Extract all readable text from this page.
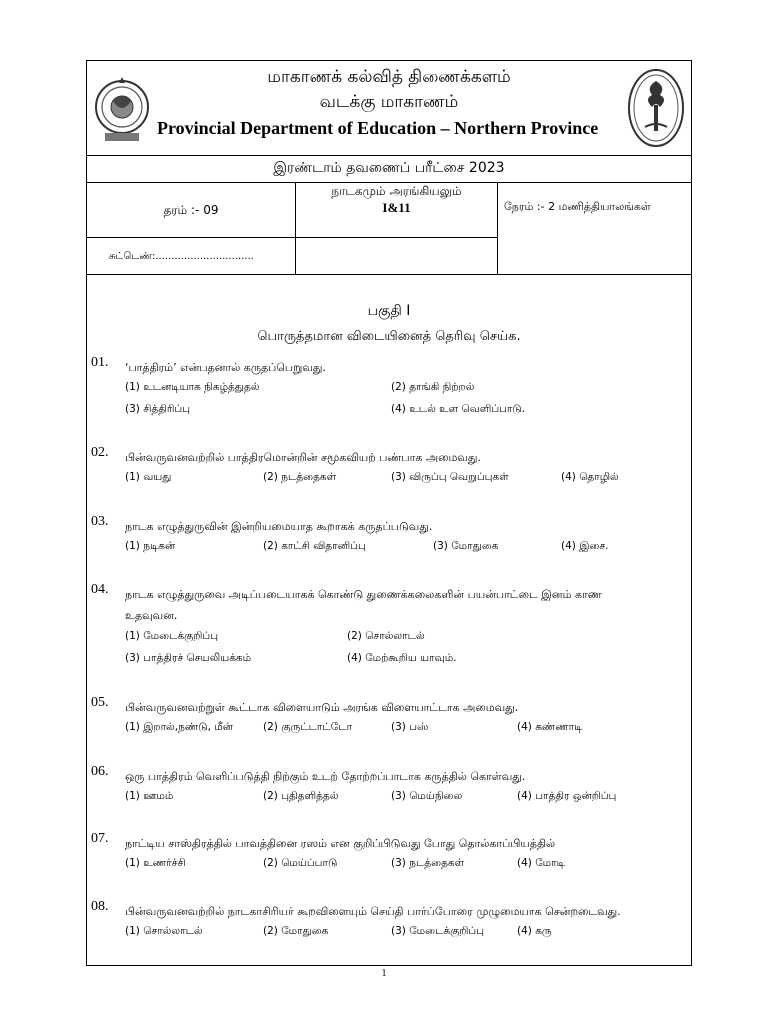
மாகாணக் கல்வித் திணைக்களம்
வடக்கு மாகாணம்
Provincial Department of Education – Northern Province
இரண்டாம் தவணைப் பரீட்சை 2023
தரம் :- 09
நாடகமும் அரங்கியலும்
I&11	நேரம் :- 2 மணித்தியாலங்கள்
சுட்டெண்:...............................
பகுதி I
பொருத்தமான விடையினைத் தெரிவு செய்க.
01. ‘பாத்திரம்’ என்பதனால் கருதப்பெறுவது.
(1) உடனடியாக நிகழ்த்துதல்	(2) தாங்கி நிற்றல்
(3) சித்திரிப்பு	(4) உடல் உள வெளிப்பாடு.
02. பின்வருவனவற்றில் பாத்திரமொன்றின் சமூகவியற் பண்பாக அமைவது.
(1) வயது	(2) நடத்தைகள்	(3) விருப்பு வெறுப்புகள்	(4) தொழில்
03. நாடக எழுத்துருவின் இன்றியமையாத கூறாகக் கருதப்படுவது.
(1) நடிகன்	(2) காட்சி விதானிப்பு	(3) மோதுகை	(4) இசை.
04. நாடக எழுத்துருவை அடிப்படையாகக் கொண்டு துணைக்கலைகளின் பயன்பாட்டை இனம் காண
உதவுவன.
(1) மேடைக்குறிப்பு	(2) சொல்லாடல்
(3) பாத்திரச் செயலியக்கம்	(4) மேற்கூறிய யாவும்.
05. பின்வருவனவற்றுள் கூட்டாக விளையாடும் அரங்க விளையாட்டாக அமைவது.
(1) இறால்,நண்டு, மீன்	(2) குருட்டாட்டோ	(3) பஸ்	(4) கண்ணாடி
06. ஒரு பாத்திரம் வெளிப்படுத்தி நிற்கும் உடற் தோற்றப்பாடாக கருத்தில் கொள்வது.
(1) ஊமம்	(2) புதிதளித்தல்	(3) மெய்நிலை	(4) பாத்திர ஒன்றிப்பு
07. நாட்டிய சாஸ்திரத்தில் பாவத்தினை ரஸம் என குறிப்பிடுவது போது தொல்காப்பியத்தில்
(1) உணர்ச்சி	(2) மெய்ப்பாடு	(3) நடத்தைகள்	(4) மோடி
08. பின்வருவனவற்றில் நாடகாசிரியர் கூறவிளையும் செய்தி பார்ப்போரை முழுமையாக சென்றடைவது.
(1) சொல்லாடல்	(2) மோதுகை	(3) மேடைக்குறிப்பு	(4) கரு
1
